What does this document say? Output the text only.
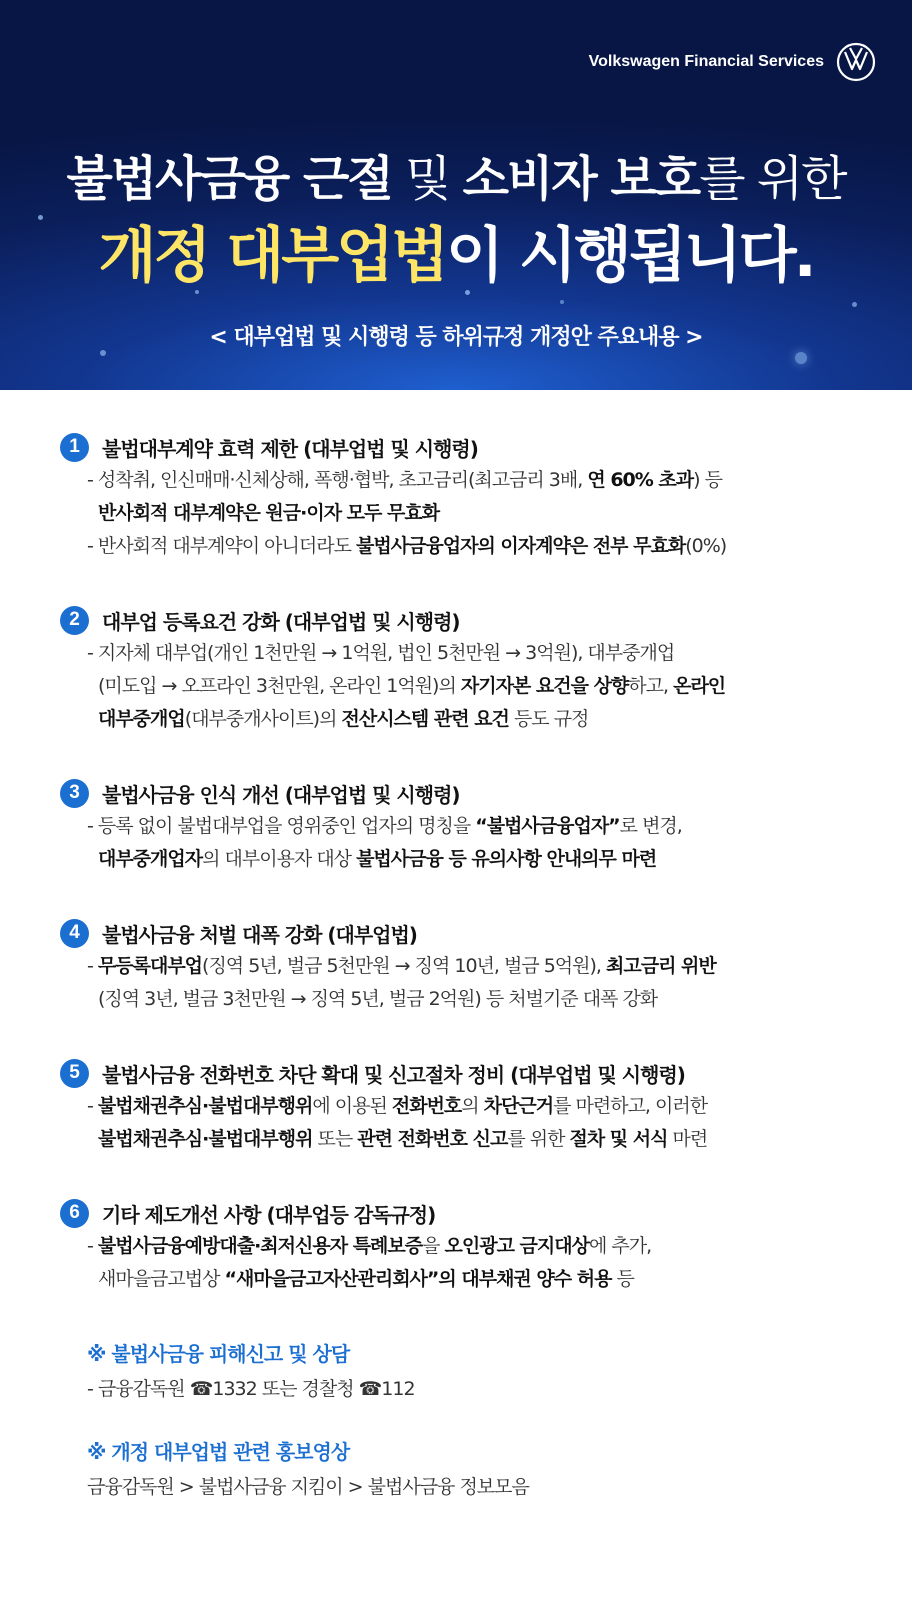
Volkswagen Financial Services
불법사금융 근절 및 소비자 보호를 위한
개정 대부업법이 시행됩니다.
< 대부업법 및 시행령 등 하위규정 개정안 주요내용 >
1	불법대부계약 효력 제한 (대부업법 및 시행령)
- 성착취, 인신매매·신체상해, 폭행·협박, 초고금리(최고금리 3배, 연 60% 초과) 등
반사회적 대부계약은 원금·이자 모두 무효화
- 반사회적 대부계약이 아니더라도 불법사금융업자의 이자계약은 전부 무효화(0%)
2	대부업 등록요건 강화 (대부업법 및 시행령)
- 지자체 대부업(개인 1천만원 → 1억원, 법인 5천만원 → 3억원), 대부중개업
(미도입 → 오프라인 3천만원, 온라인 1억원)의 자기자본 요건을 상향하고, 온라인
대부중개업(대부중개사이트)의 전산시스템 관련 요건 등도 규정
3	불법사금융 인식 개선 (대부업법 및 시행령)
- 등록 없이 불법대부업을 영위중인 업자의 명칭을 “불법사금융업자”로 변경,
대부중개업자의 대부이용자 대상 불법사금융 등 유의사항 안내의무 마련
4	불법사금융 처벌 대폭 강화 (대부업법)
- 무등록대부업(징역 5년, 벌금 5천만원 → 징역 10년, 벌금 5억원), 최고금리 위반
(징역 3년, 벌금 3천만원 → 징역 5년, 벌금 2억원) 등 처벌기준 대폭 강화
5	불법사금융 전화번호 차단 확대 및 신고절차 정비 (대부업법 및 시행령)
- 불법채권추심·불법대부행위에 이용된 전화번호의 차단근거를 마련하고, 이러한
불법채권추심·불법대부행위 또는 관련 전화번호 신고를 위한 절차 및 서식 마련
6	기타 제도개선 사항 (대부업등 감독규정)
- 불법사금융예방대출·최저신용자 특례보증을 오인광고 금지대상에 추가,
새마을금고법상 “새마을금고자산관리회사”의 대부채권 양수 허용 등
※ 불법사금융 피해신고 및 상담
- 금융감독원 ☎1332 또는 경찰청 ☎112
※ 개정 대부업법 관련 홍보영상
금융감독원 > 불법사금융 지킴이 > 불법사금융 정보모음
